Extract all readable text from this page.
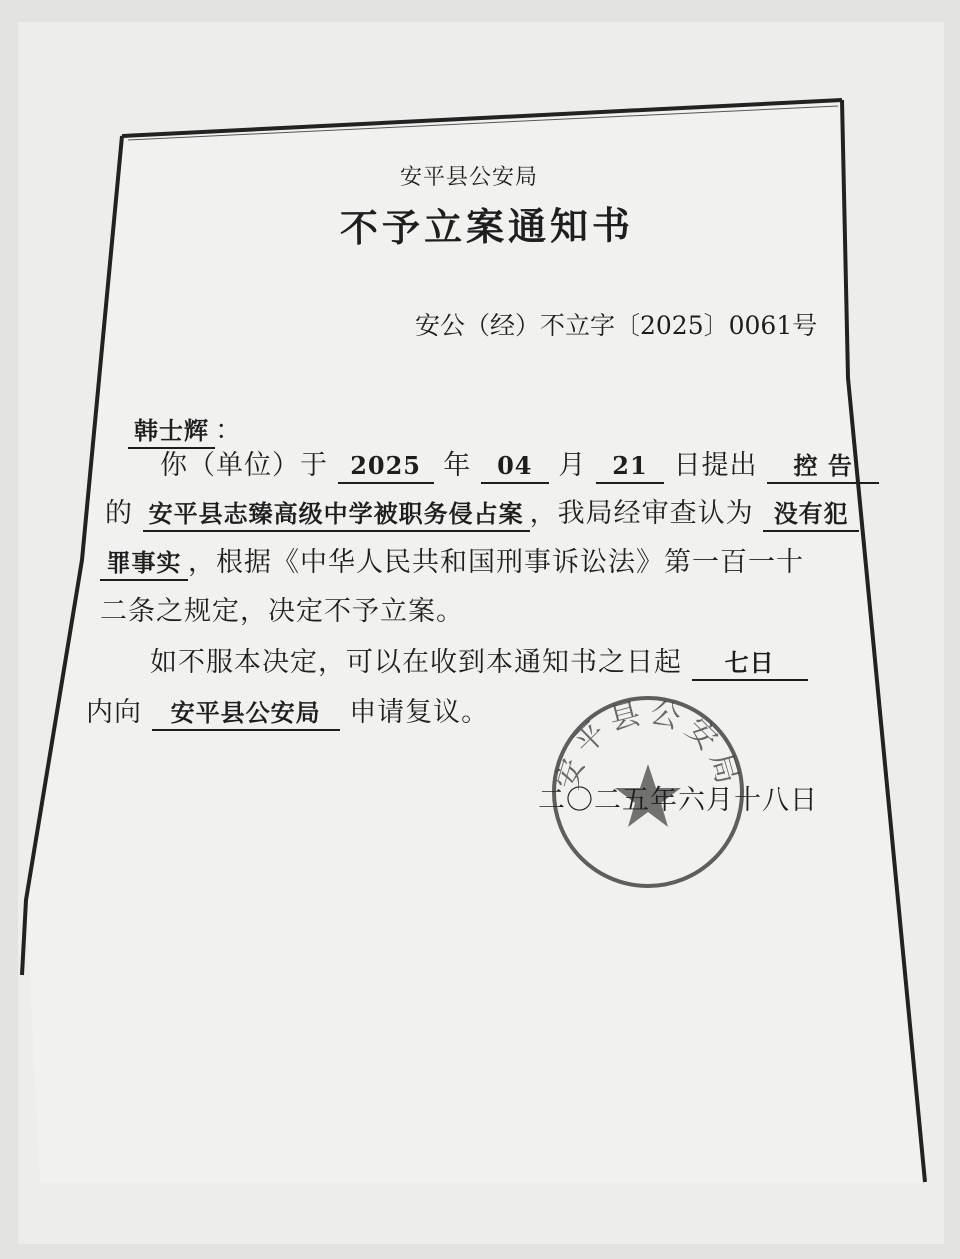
安平县公安局
不予立案通知书
安公（经）不立字〔2025〕0061号
韩士辉 ：
你（单位）于 2025 年 04 月 21 日提出 控 告
的 安平县志臻高级中学被职务侵占案 ，我局经审查认为 没有犯
罪事实 ，根据《中华人民共和国刑事诉讼法》第一百一十
二条之规定，决定不予立案。
如不服本决定，可以在收到本通知书之日起 七日
内向 安平县公安局 申请复议。
安平县公安局
二〇二五年六月十八日
